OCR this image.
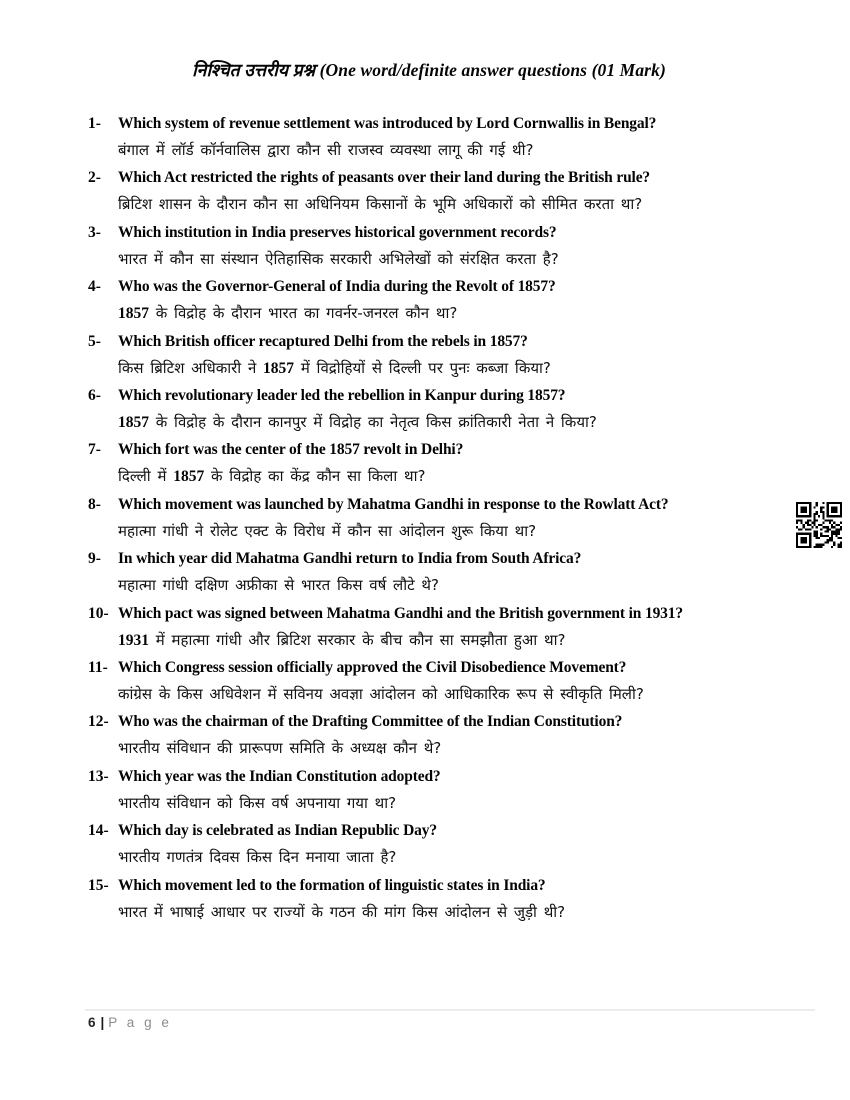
निश्चित उत्तरीय प्रश्न (One word/definite answer questions (01 Mark)
1-	Which system of revenue settlement was introduced by Lord Cornwallis in Bengal?
बंगाल में लॉर्ड कॉर्नवालिस द्वारा कौन सी राजस्व व्यवस्था लागू की गई थी?
2-	Which Act restricted the rights of peasants over their land during the British rule?
ब्रिटिश शासन के दौरान कौन सा अधिनियम किसानों के भूमि अधिकारों को सीमित करता था?
3-	Which institution in India preserves historical government records?
भारत में कौन सा संस्थान ऐतिहासिक सरकारी अभिलेखों को संरक्षित करता है?
4-	Who was the Governor-General of India during the Revolt of 1857?
1857 के विद्रोह के दौरान भारत का गवर्नर-जनरल कौन था?
5-	Which British officer recaptured Delhi from the rebels in 1857?
किस ब्रिटिश अधिकारी ने 1857 में विद्रोहियों से दिल्ली पर पुनः कब्जा किया?
6-	Which revolutionary leader led the rebellion in Kanpur during 1857?
1857 के विद्रोह के दौरान कानपुर में विद्रोह का नेतृत्व किस क्रांतिकारी नेता ने किया?
7-	Which fort was the center of the 1857 revolt in Delhi?
दिल्ली में 1857 के विद्रोह का केंद्र कौन सा किला था?
8-	Which movement was launched by Mahatma Gandhi in response to the Rowlatt Act?
महात्मा गांधी ने रोलेट एक्ट के विरोध में कौन सा आंदोलन शुरू किया था?
9-	In which year did Mahatma Gandhi return to India from South Africa?
महात्मा गांधी दक्षिण अफ्रीका से भारत किस वर्ष लौटे थे?
10- Which pact was signed between Mahatma Gandhi and the British government in 1931?
1931 में महात्मा गांधी और ब्रिटिश सरकार के बीच कौन सा समझौता हुआ था?
11- Which Congress session officially approved the Civil Disobedience Movement?
कांग्रेस के किस अधिवेशन में सविनय अवज्ञा आंदोलन को आधिकारिक रूप से स्वीकृति मिली?
12- Who was the chairman of the Drafting Committee of the Indian Constitution?
भारतीय संविधान की प्रारूपण समिति के अध्यक्ष कौन थे?
13- Which year was the Indian Constitution adopted?
भारतीय संविधान को किस वर्ष अपनाया गया था?
14- Which day is celebrated as Indian Republic Day?
भारतीय गणतंत्र दिवस किस दिन मनाया जाता है?
15- Which movement led to the formation of linguistic states in India?
भारत में भाषाई आधार पर राज्यों के गठन की मांग किस आंदोलन से जुड़ी थी?
6 | P a g e
